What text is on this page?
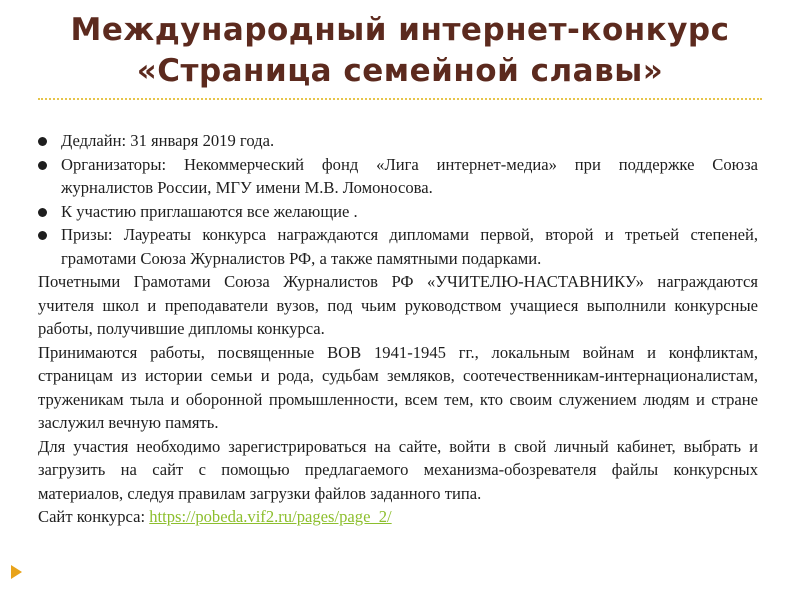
Международный интернет-конкурс
«Страница семейной славы»
Дедлайн: 31 января 2019 года.
Организаторы: Некоммерческий фонд «Лига интернет-медиа» при поддержке Союза журналистов России, МГУ имени М.В. Ломоносова.
К участию приглашаются все желающие .
Призы: Лауреаты конкурса награждаются дипломами первой, второй и третьей степеней, грамотами Союза Журналистов РФ, а также памятными подарками.

Почетными Грамотами Союза Журналистов РФ «УЧИТЕЛЮ-НАСТАВНИКУ» награждаются учителя школ и преподаватели вузов, под чьим руководством учащиеся выполнили конкурсные работы, получившие дипломы конкурса.

Принимаются работы, посвященные ВОВ 1941-1945 гг., локальным войнам и конфликтам, страницам из истории семьи и рода, судьбам земляков, соотечественникам-интернационалистам, труженикам тыла и оборонной промышленности, всем тем, кто своим служением людям и стране заслужил вечную память.

Для участия необходимо зарегистрироваться на сайте, войти в свой личный кабинет, выбрать и загрузить на сайт с помощью предлагаемого механизма-обозревателя файлы конкурсных материалов, следуя правилам загрузки файлов заданного типа.

Сайт конкурса: https://pobeda.vif2.ru/pages/page_2/
